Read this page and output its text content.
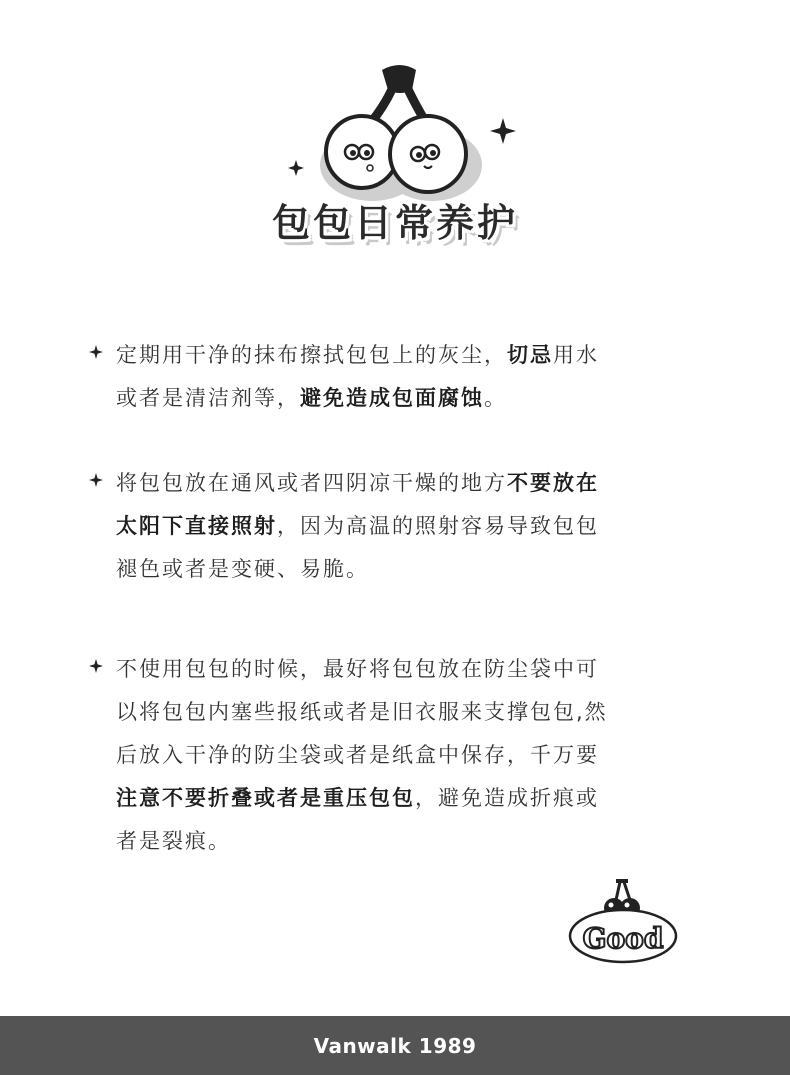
包包日常养护

定期用干净的抹布擦拭包包上的灰尘，切忌用水
或者是清洁剂等，避免造成包面腐蚀。

将包包放在通风或者四阴凉干燥的地方不要放在
太阳下直接照射，因为高温的照射容易导致包包
褪色或者是变硬、易脆。

不使用包包的时候，最好将包包放在防尘袋中可
以将包包内塞些报纸或者是旧衣服来支撑包包,然
后放入干净的防尘袋或者是纸盒中保存，千万要
注意不要折叠或者是重压包包，避免造成折痕或
者是裂痕。

Good
Vanwalk 1989
